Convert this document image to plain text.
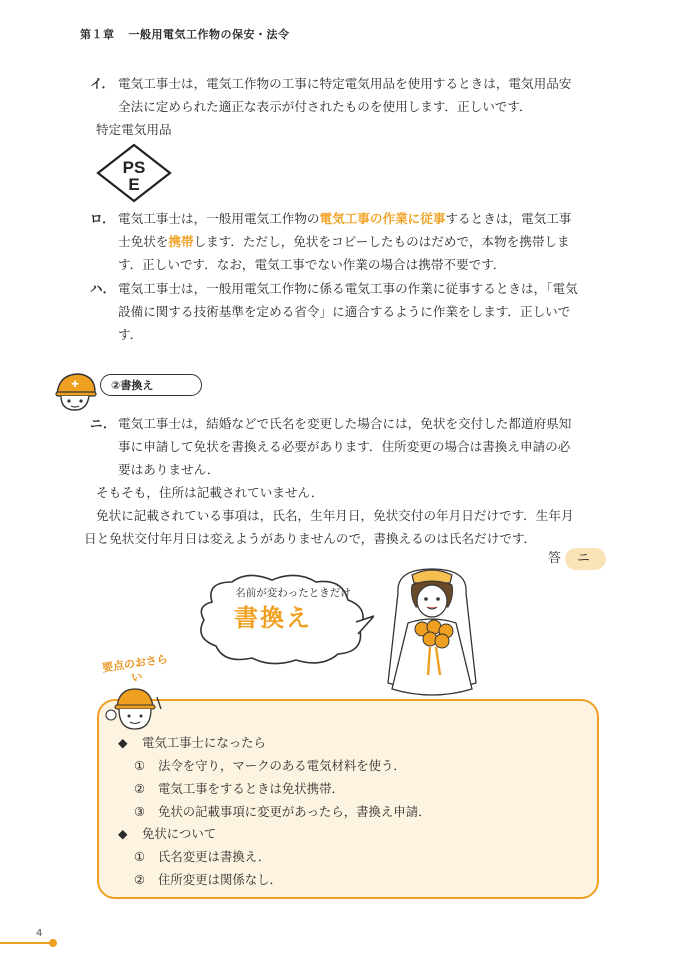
第１章 一般用電気工作物の保安・法令
イ． 電気工事士は，電気工作物の工事に特定電気用品を使用するときは，電気用品安
全法に定められた適正な表示が付されたものを使用します．正しいです．
特定電気用品
PS
E
ロ． 電気工事士は，一般用電気工作物の電気工事の作業に従事するときは，電気工事
士免状を携帯します．ただし，免状をコピーしたものはだめで，本物を携帯しま
す．正しいです．なお，電気工事でない作業の場合は携帯不要です．
ハ． 電気工事士は，一般用電気工作物に係る電気工事の作業に従事するときは，「電気
設備に関する技術基準を定める省令」に適合するように作業をします．正しいで
す．
✚	②書換え
ニ． 電気工事士は，結婚などで氏名を変更した場合には，免状を交付した都道府県知
事に申請して免状を書換える必要があります．住所変更の場合は書換え申請の必
要はありません．
そもそも，住所は記載されていません．
免状に記載されている事項は，氏名，生年月日，免状交付の年月日だけです．生年月
日と免状交付年月日は変えようがありませんので，書換えるのは氏名だけです．
答 ニ
名前が変わったときだけ
書換え
要点のおさらい
◆ 電気工事士になったら
① 法令を守り，マークのある電気材料を使う．
② 電気工事をするときは免状携帯．
③ 免状の記載事項に変更があったら，書換え申請．
◆ 免状について
① 氏名変更は書換え．
② 住所変更は関係なし．
4
